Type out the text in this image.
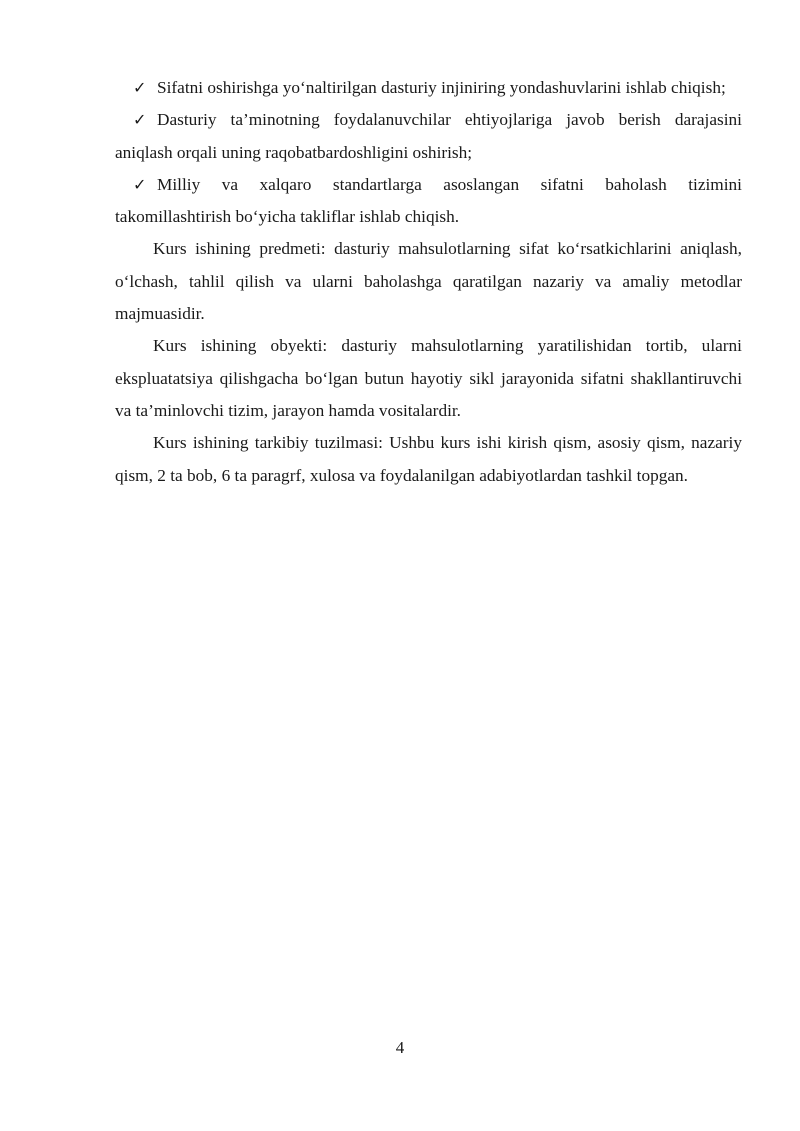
✓ Sifatni oshirishga yo‘naltirilgan dasturiy injiniring yondashuvlarini ishlab chiqish;

✓ Dasturiy ta’minotning foydalanuvchilar ehtiyojlariga javob berish darajasini aniqlash orqali uning raqobatbardoshligini oshirish;

✓ Milliy va xalqaro standartlarga asoslangan sifatni baholash tizimini takomillashtirish bo‘yicha takliflar ishlab chiqish.

Kurs ishining predmeti: dasturiy mahsulotlarning sifat ko‘rsatkichlarini aniqlash, o‘lchash, tahlil qilish va ularni baholashga qaratilgan nazariy va amaliy metodlar majmuasidir.

Kurs ishining obyekti: dasturiy mahsulotlarning yaratilishidan tortib, ularni ekspluatatsiya qilishgacha bo‘lgan butun hayotiy sikl jarayonida sifatni shakllantiruvchi va ta’minlovchi tizim, jarayon hamda vositalardir.

Kurs ishining tarkibiy tuzilmasi: Ushbu kurs ishi kirish qism, asosiy qism, nazariy qism, 2 ta bob, 6 ta paragrf, xulosa va foydalanilgan adabiyotlardan tashkil topgan.

4
